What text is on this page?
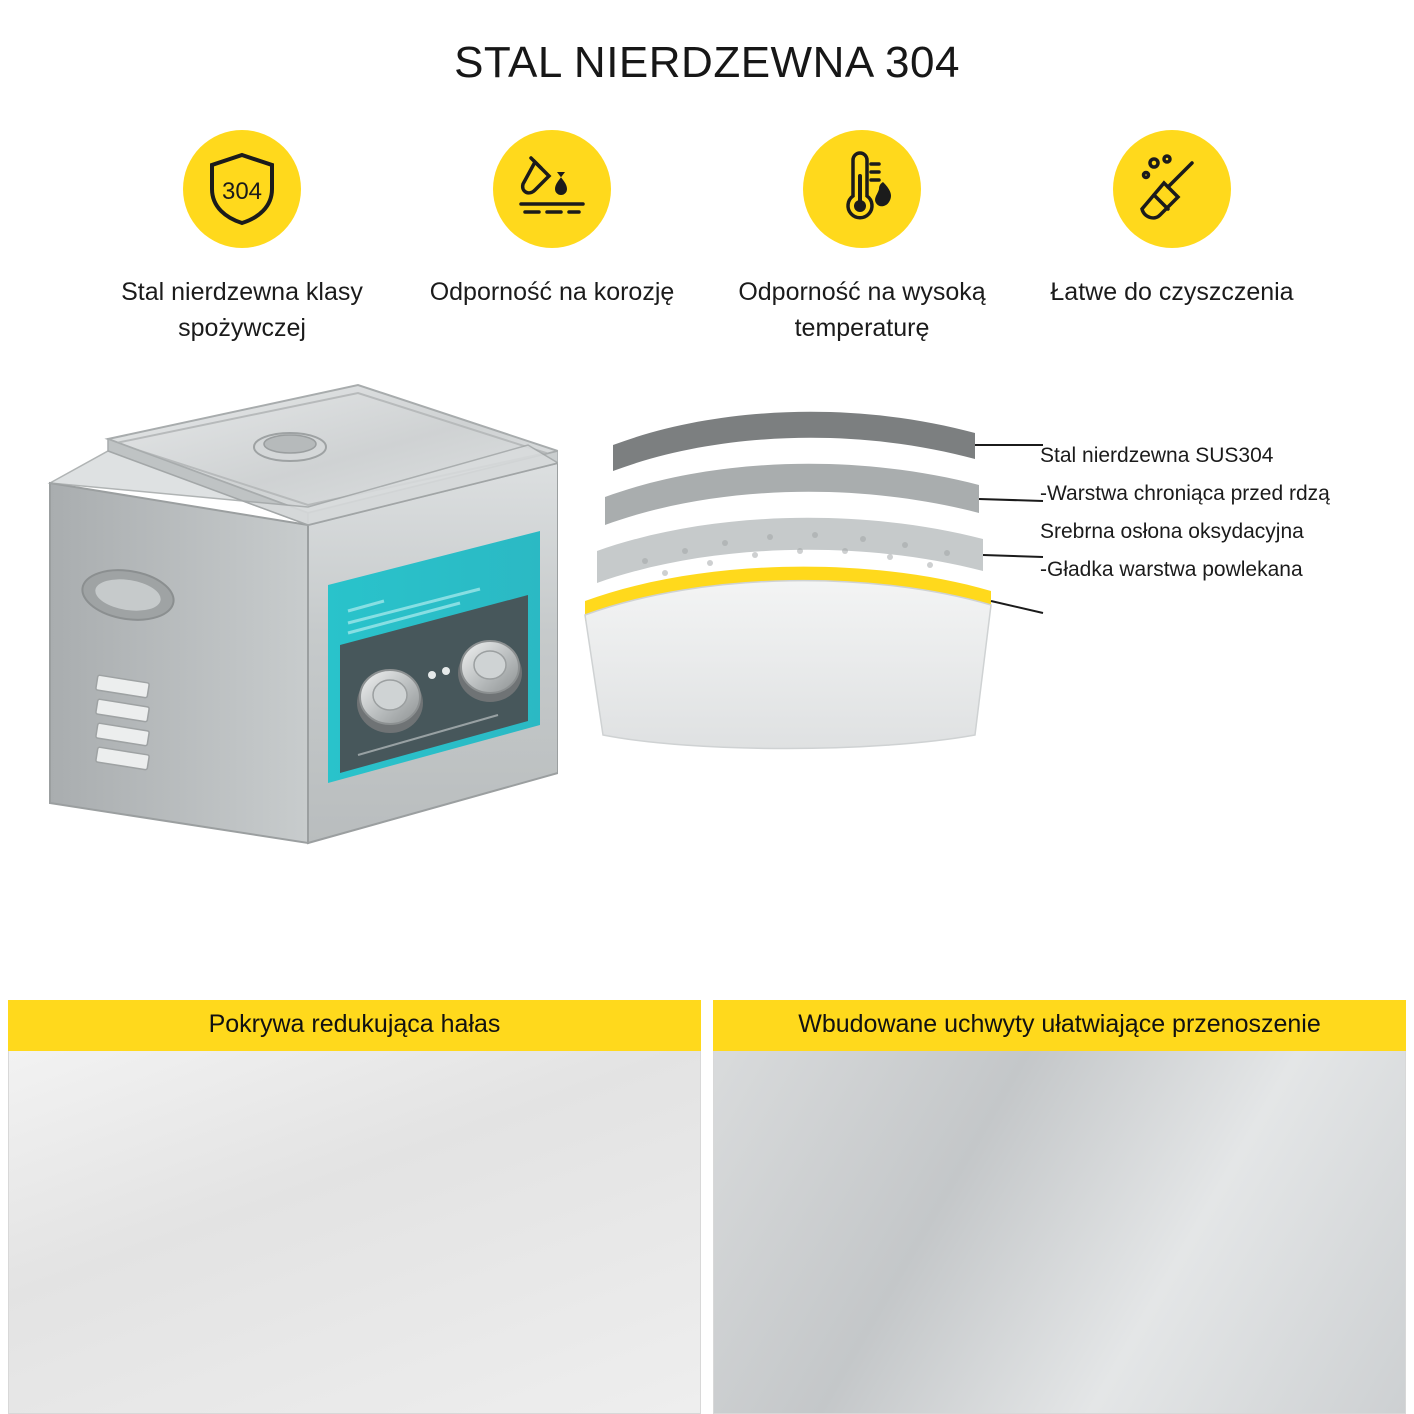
STAL NIERDZEWNA 304
304
Stal nierdzewna klasy spożywczej
Odporność na korozję	Odporność na wysoką temperaturę
Łatwe do czyszczenia
Stal nierdzewna SUS304
-Warstwa chroniąca przed rdzą
Srebrna osłona oksydacyjna
-Gładka warstwa powlekana
Pokrywa redukująca hałas	Wbudowane uchwyty ułatwiające przenoszenie
